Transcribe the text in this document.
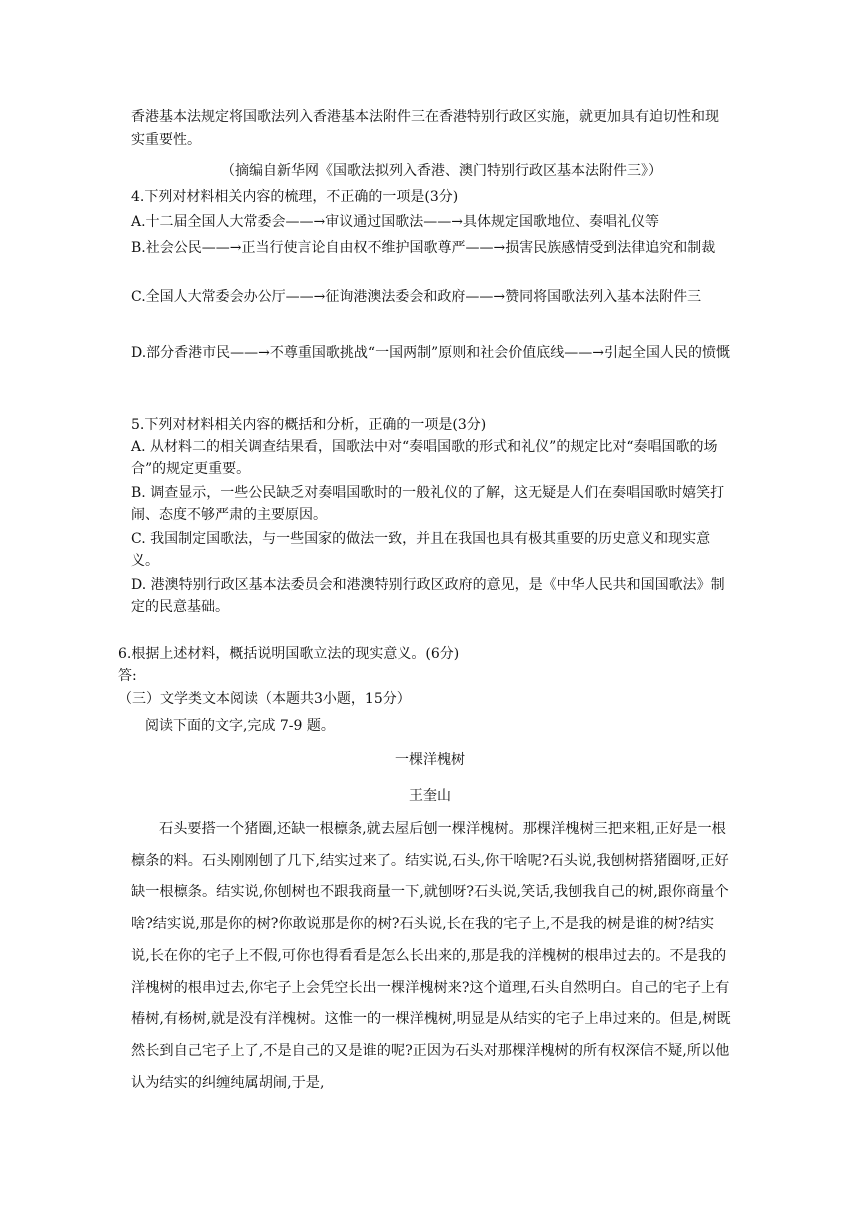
香港基本法规定将国歌法列入香港基本法附件三在香港特别行政区实施，就更加具有迫切性和现实重要性。

（摘编自新华网《国歌法拟列入香港、澳门特别行政区基本法附件三》）

4.下列对材料相关内容的梳理，不正确的一项是(3分)

A.十二届全国人大常委会——→审议通过国歌法——→具体规定国歌地位、奏唱礼仪等

B.社会公民——→正当行使言论自由权不维护国歌尊严——→损害民族感情受到法律追究和制裁

C.全国人大常委会办公厅——→征询港澳法委会和政府——→赞同将国歌法列入基本法附件三

D.部分香港市民——→不尊重国歌挑战“一国两制”原则和社会价值底线——→引起全国人民的愤慨

5.下列对材料相关内容的概括和分析，正确的一项是(3分)

A. 从材料二的相关调查结果看，国歌法中对“奏唱国歌的形式和礼仪”的规定比对“奏唱国歌的场合”的规定更重要。

B. 调查显示，一些公民缺乏对奏唱国歌时的一般礼仪的了解，这无疑是人们在奏唱国歌时嬉笑打闹、态度不够严肃的主要原因。

C. 我国制定国歌法，与一些国家的做法一致，并且在我国也具有极其重要的历史意义和现实意义。

D. 港澳特别行政区基本法委员会和港澳特别行政区政府的意见，是《中华人民共和国国歌法》制定的民意基础。

6.根据上述材料，概括说明国歌立法的现实意义。(6分)

答:

（三）文学类文本阅读（本题共3小题，15分）

阅读下面的文字,完成 7-9 题。

一棵洋槐树

王奎山

石头要搭一个猪圈,还缺一根檩条,就去屋后刨一棵洋槐树。那棵洋槐树三把来粗,正好是一根檩条的料。石头刚刚刨了几下,结实过来了。结实说,石头,你干啥呢?石头说,我刨树搭猪圈呀,正好缺一根檩条。结实说,你刨树也不跟我商量一下,就刨呀?石头说,笑话,我刨我自己的树,跟你商量个啥?结实说,那是你的树?你敢说那是你的树?石头说,长在我的宅子上,不是我的树是谁的树?结实说,长在你的宅子上不假,可你也得看看是怎么长出来的,那是我的洋槐树的根串过去的。不是我的洋槐树的根串过去,你宅子上会凭空长出一棵洋槐树来?这个道理,石头自然明白。自己的宅子上有椿树,有杨树,就是没有洋槐树。这惟一的一棵洋槐树,明显是从结实的宅子上串过来的。但是,树既然长到自己宅子上了,不是自己的又是谁的呢?正因为石头对那棵洋槐树的所有权深信不疑,所以他认为结实的纠缠纯属胡闹,于是,
